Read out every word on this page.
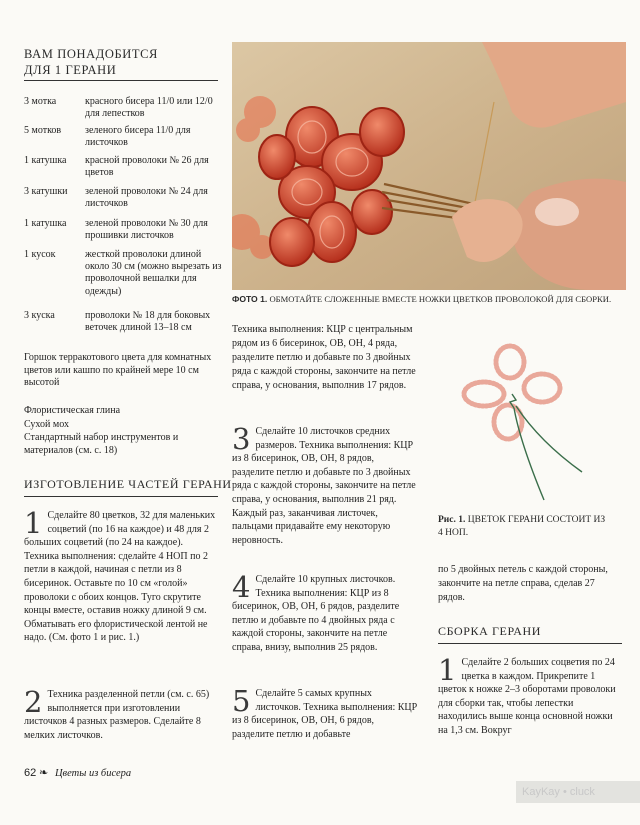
ВАМ ПОНАДОБИТСЯ
ДЛЯ 1 ГЕРАНИ
3 мотка	красного бисера 11/0 или 12/0 для лепестков
5 мотков	зеленого бисера 11/0 для листочков
1 катушка	красной проволоки № 26 для цветов
3 катушки	зеленой проволоки № 24 для листочков
1 катушка	зеленой проволоки № 30 для прошивки листочков
1 кусок	жесткой проволоки длиной около 30 см (можно вырезать из проволочной вешалки для одежды)
3 куска	проволоки № 18 для боковых веточек длиной 13–18 см
Горшок терракотового цвета для комнатных цветов или кашпо по крайней мере 10 см высотой
Флористическая глина
Сухой мох
Стандартный набор инструментов и материалов (см. с. 18)
ИЗГОТОВЛЕНИЕ ЧАСТЕЙ ГЕРАНИ
1 Сделайте 80 цветков, 32 для маленьких соцветий (по 16 на каждое) и 48 для 2 больших соцветий (по 24 на каждое). Техника выполнения: сделайте 4 НОП по 2 петли в каждой, начиная с петли из 8 бисеринок. Оставьте по 10 см «голой» проволоки с обоих концов. Туго скрутите концы вместе, оставив ножку длиной 9 см. Обматывать его флористической лентой не надо. (См. фото 1 и рис. 1.)
2 Техника разделенной петли (см. с. 65) выполняется при изготовлении листочков 4 разных размеров. Сделайте 8 мелких листочков.
ФОТО 1. ОБМОТАЙТЕ СЛОЖЕННЫЕ ВМЕСТЕ НОЖКИ ЦВЕТКОВ ПРОВОЛОКОЙ ДЛЯ СБОРКИ.
Техника выполнения: КЦР с центральным рядом из 6 бисеринок, ОВ, ОН, 4 ряда, разделите петлю и добавьте по 3 двойных ряда с каждой стороны, закончите на петле справа, у основания, выполнив 17 рядов.
3 Сделайте 10 листочков средних размеров. Техника выполнения: КЦР из 8 бисеринок, ОВ, ОН, 8 рядов, разделите петлю и добавьте по 3 двойных ряда с каждой стороны, закончите на петле справа, у основания, выполнив 21 ряд. Каждый раз, заканчивая листочек, пальцами придавайте ему некоторую неровность.
4 Сделайте 10 крупных листочков. Техника выполнения: КЦР из 8 бисеринок, ОВ, ОН, 6 рядов, разделите петлю и добавьте по 4 двойных ряда с каждой стороны, закончите на петле справа, внизу, выполнив 25 рядов.
5 Сделайте 5 самых крупных листочков. Техника выполнения: КЦР из 8 бисеринок, ОВ, ОН, 6 рядов, разделите петлю и добавьте
Рис. 1. ЦВЕТОК ГЕРАНИ СОСТОИТ ИЗ 4 НОП.
по 5 двойных петель с каждой стороны, закончите на петле справа, сделав 27 рядов.
СБОРКА ГЕРАНИ
1 Сделайте 2 больших соцветия по 24 цветка в каждом. Прикрепите 1 цветок к ножке 2–3 оборотами проволоки для сборки так, чтобы лепестки находились выше конца основной ножки на 1,3 см. Вокруг
62 ❧ Цветы из бисера
KayKay • cluck
